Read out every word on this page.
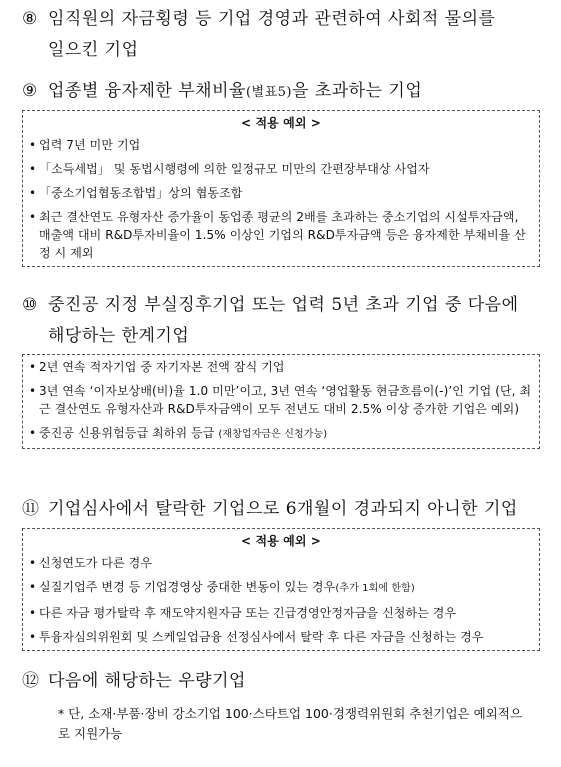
⑧ 임직원의 자금횡령 등 기업 경영과 관련하여 사회적 물의를
일으킨 기업
⑨ 업종별 융자제한 부채비율(별표5)을 초과하는 기업
< 적용 예외 >
• 업력 7년 미만 기업
• 「소득세법」 및 동법시행령에 의한 일정규모 미만의 간편장부대상 사업자
• 「중소기업협동조합법」상의 협동조합
• 최근 결산연도 유형자산 증가율이 동업종 평균의 2배를 초과하는 중소기업의 시설투자금액, 매출액 대비 R&D투자비율이 1.5% 이상인 기업의 R&D투자금액 등은 융자제한 부채비율 산정 시 제외
⑩ 중진공 지정 부실징후기업 또는 업력 5년 초과 기업 중 다음에
해당하는 한계기업
• 2년 연속 적자기업 중 자기자본 전액 잠식 기업
• 3년 연속 ‘이자보상배(비)율 1.0 미만’이고, 3년 연속 ‘영업활동 현금흐름이(-)’인 기업 (단, 최근 결산연도 유형자산과 R&D투자금액이 모두 전년도 대비 2.5% 이상 증가한 기업은 예외)
• 중진공 신용위험등급 최하위 등급 (재창업자금은 신청가능)
⑪ 기업심사에서 탈락한 기업으로 6개월이 경과되지 아니한 기업
< 적용 예외 >
• 신청연도가 다른 경우
• 실질기업주 변경 등 기업경영상 중대한 변동이 있는 경우(추가 1회에 한함)
• 다른 자금 평가탈락 후 재도약지원자금 또는 긴급경영안정자금을 신청하는 경우
• 투융자심의위원회 및 스케일업금융 선정심사에서 탈락 후 다른 자금을 신청하는 경우
⑫ 다음에 해당하는 우량기업
* 단, 소재·부품·장비 강소기업 100·스타트업 100·경쟁력위원회 추천기업은 예외적으로 지원가능
